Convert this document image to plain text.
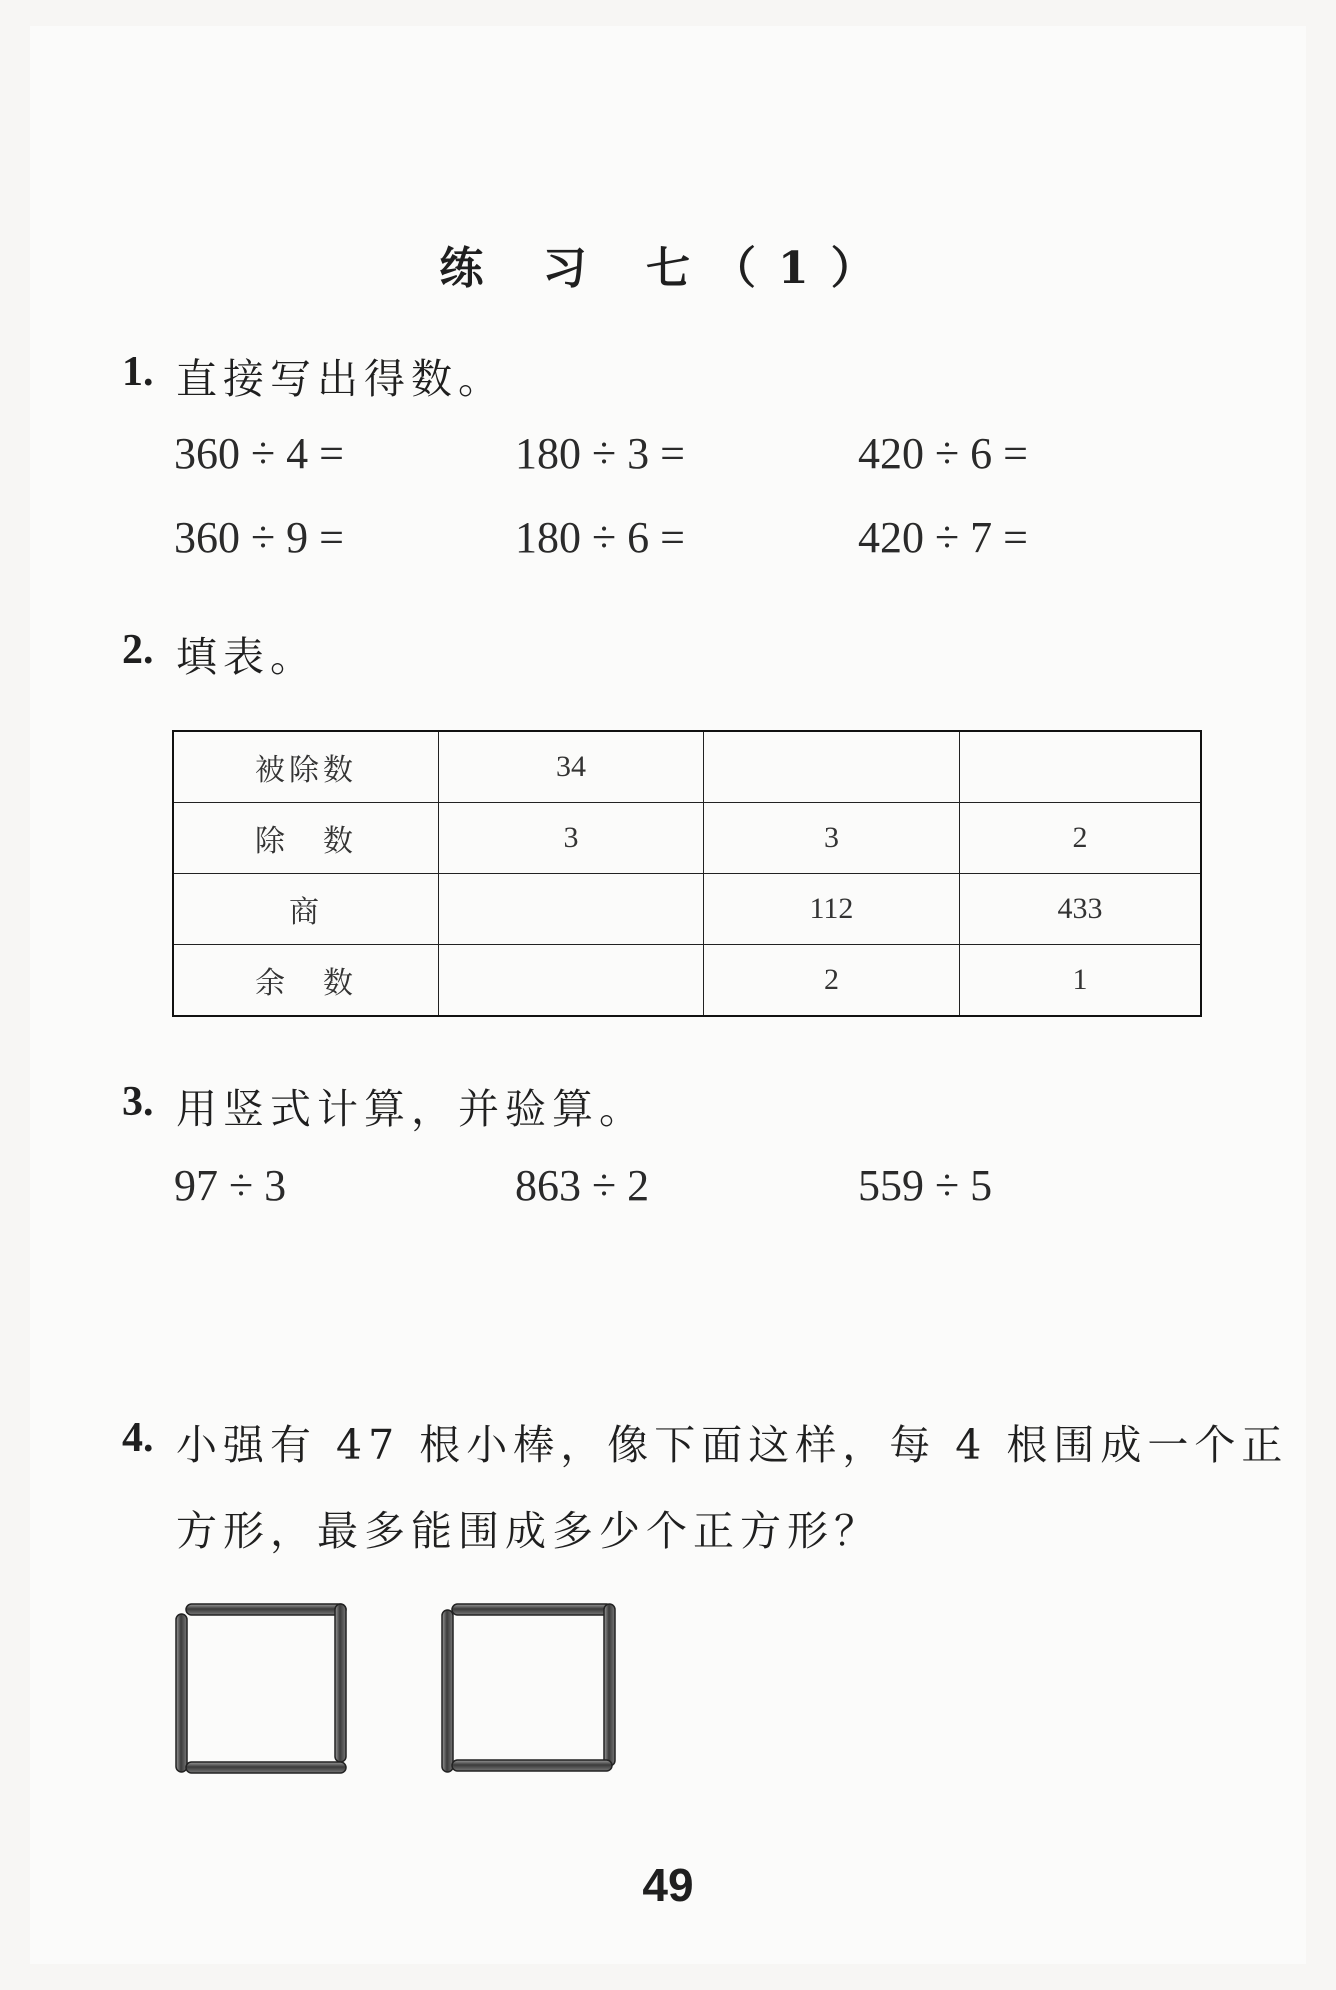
练 习 七（1）
1. 直接写出得数。
360 ÷ 4 =	180 ÷ 3 =	420 ÷ 6 =
360 ÷ 9 =	180 ÷ 6 =	420 ÷ 7 =
2. 填表。
被除数	34		
除　数	3	3	2
商		112	433
余　数		2	1
3. 用竖式计算，并验算。
97 ÷ 3	863 ÷ 2	559 ÷ 5
4. 小强有 47 根小棒，像下面这样，每 4 根围成一个正
方形，最多能围成多少个正方形？
49
